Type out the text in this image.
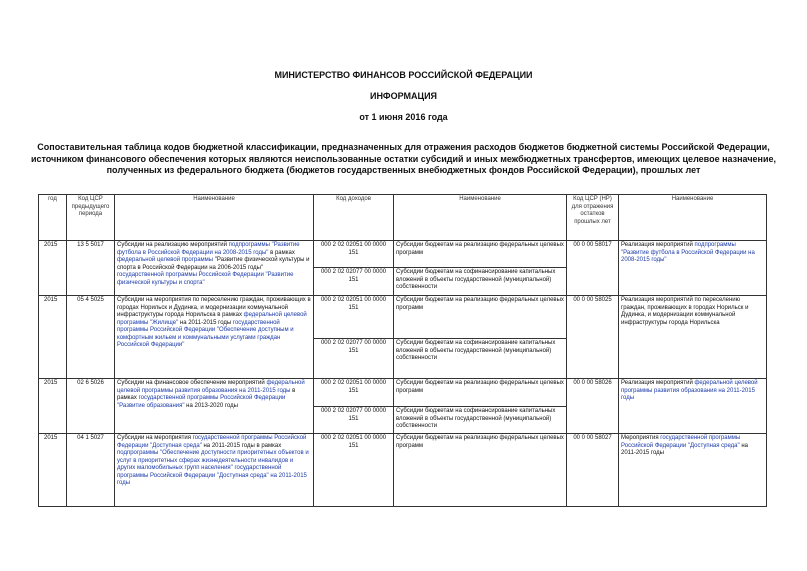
МИНИСТЕРСТВО ФИНАНСОВ РОССИЙСКОЙ ФЕДЕРАЦИИ
ИНФОРМАЦИЯ
от 1 июня 2016 года
Сопоставительная таблица кодов бюджетной классификации, предназначенных для отражения расходов бюджетов бюджетной системы Российской Федерации, источником финансового обеспечения которых являются неиспользованные остатки субсидий и иных межбюджетных трансфертов, имеющих целевое назначение, полученных из федерального бюджета (бюджетов государственных внебюджетных фондов Российской Федерации), прошлых лет
год	Код ЦСР предыдущего периода	Наименование	Код доходов	Наименование	Код ЦСР (НР) для отражения остатков прошлых лет	Наименование
2015	13 5 5017	Субсидии на реализацию мероприятий подпрограммы "Развитие футбола в Российской Федерации на 2008-2015 годы" в рамках федеральной целевой программы "Развитие физической культуры и спорта в Российской Федерации на 2006-2015 годы" государственной программы Российской Федерации "Развитие физической культуры и спорта"	000 2 02 02051 00 0000 151	Субсидии бюджетам на реализацию федеральных целевых программ	00 0 00 58017	Реализация мероприятий подпрограммы "Развитие футбола в Российской Федерации на 2008-2015 годы"
			000 2 02 02077 00 0000 151	Субсидии бюджетам на софинансирование капитальных вложений в объекты государственной (муниципальной) собственности		
2015	05 4 5025	Субсидии на мероприятия по переселению граждан, проживающих в городах Норильск и Дудинка, и модернизации коммунальной инфраструктуры города Норильска в рамках федеральной целевой программы "Жилище" на 2011-2015 годы государственной программы Российской Федерации "Обеспечение доступным и комфортным жильем и коммунальными услугами граждан Российской Федерации"	000 2 02 02051 00 0000 151	Субсидии бюджетам на реализацию федеральных целевых программ	00 0 00 58025	Реализация мероприятий по переселению граждан, проживающих в городах Норильск и Дудинка, и модернизации коммунальной инфраструктуры города Норильска
			000 2 02 02077 00 0000 151	Субсидии бюджетам на софинансирование капитальных вложений в объекты государственной (муниципальной) собственности		
2015	02 6 5026	Субсидии на финансовое обеспечение мероприятий федеральной целевой программы развития образования на 2011-2015 годы в рамках государственной программы Российской Федерации "Развитие образования" на 2013-2020 годы	000 2 02 02051 00 0000 151	Субсидии бюджетам на реализацию федеральных целевых программ	00 0 00 58026	Реализация мероприятий федеральной целевой программы развития образования на 2011-2015 годы
			000 2 02 02077 00 0000 151	Субсидии бюджетам на софинансирование капитальных вложений в объекты государственной (муниципальной) собственности		
2015	04 1 5027	Субсидии на мероприятия государственной программы Российской Федерации "Доступная среда" на 2011-2015 годы в рамках подпрограммы "Обеспечение доступности приоритетных объектов и услуг в приоритетных сферах жизнедеятельности инвалидов и других маломобильных групп населения" государственной программы Российской Федерации "Доступная среда" на 2011-2015 годы	000 2 02 02051 00 0000 151	Субсидии бюджетам на реализацию федеральных целевых программ	00 0 00 58027	Мероприятия государственной программы Российской Федерации "Доступная среда" на 2011-2015 годы
